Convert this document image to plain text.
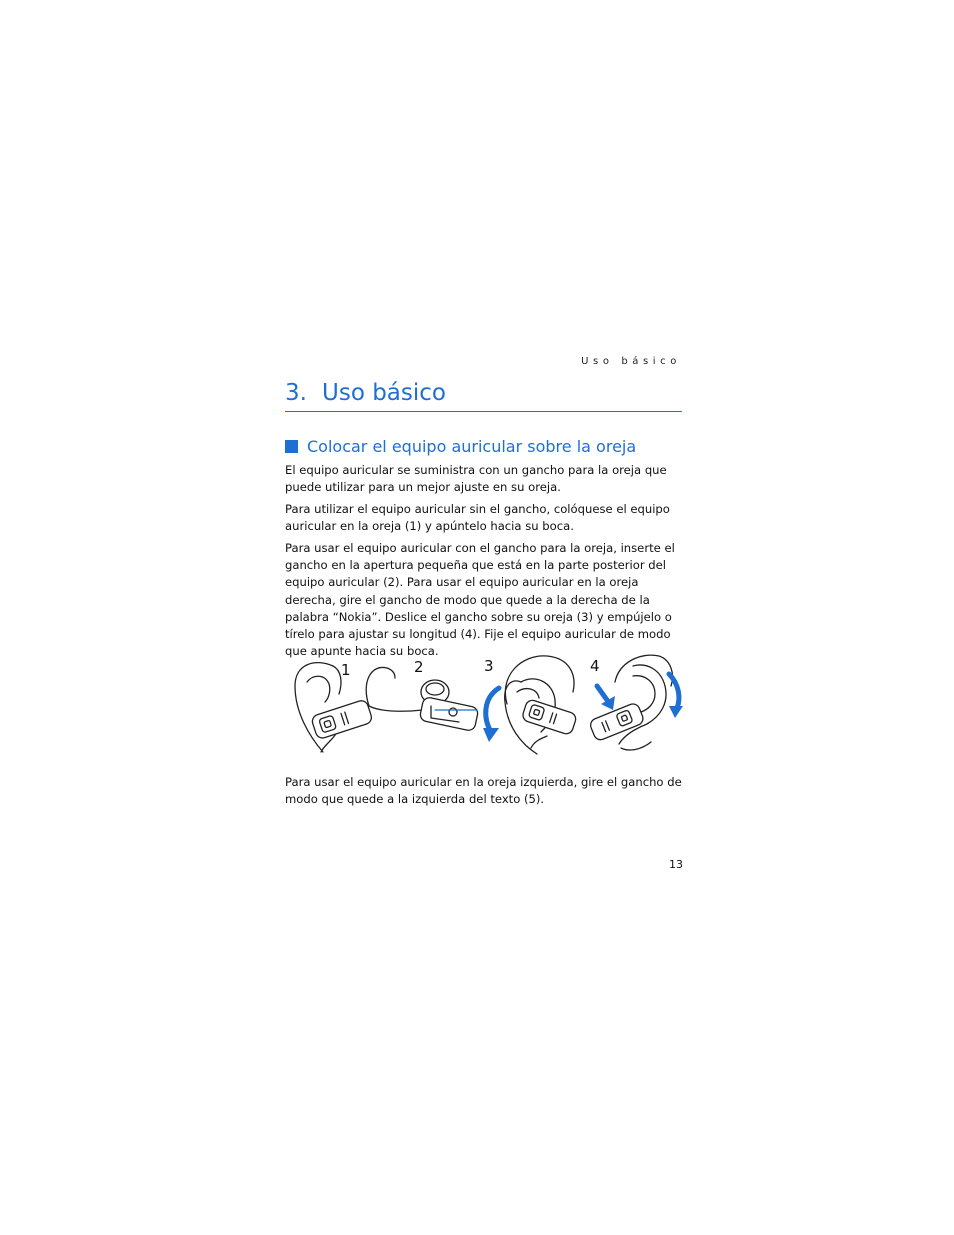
Uso básico
3. Uso básico
Colocar el equipo auricular sobre la oreja

El equipo auricular se suministra con un gancho para la oreja que puede utilizar para un mejor ajuste en su oreja.

Para utilizar el equipo auricular sin el gancho, colóquese el equipo auricular en la oreja (1) y apúntelo hacia su boca.

Para usar el equipo auricular con el gancho para la oreja, inserte el gancho en la apertura pequeña que está en la parte posterior del equipo auricular (2). Para usar el equipo auricular en la oreja derecha, gire el gancho de modo que quede a la derecha de la palabra “Nokia”. Deslice el gancho sobre su oreja (3) y empújelo o tírelo para ajustar su longitud (4). Fije el equipo auricular de modo que apunte hacia su boca.

1	2	3	4

Para usar el equipo auricular en la oreja izquierda, gire el gancho de modo que quede a la izquierda del texto (5).

13
